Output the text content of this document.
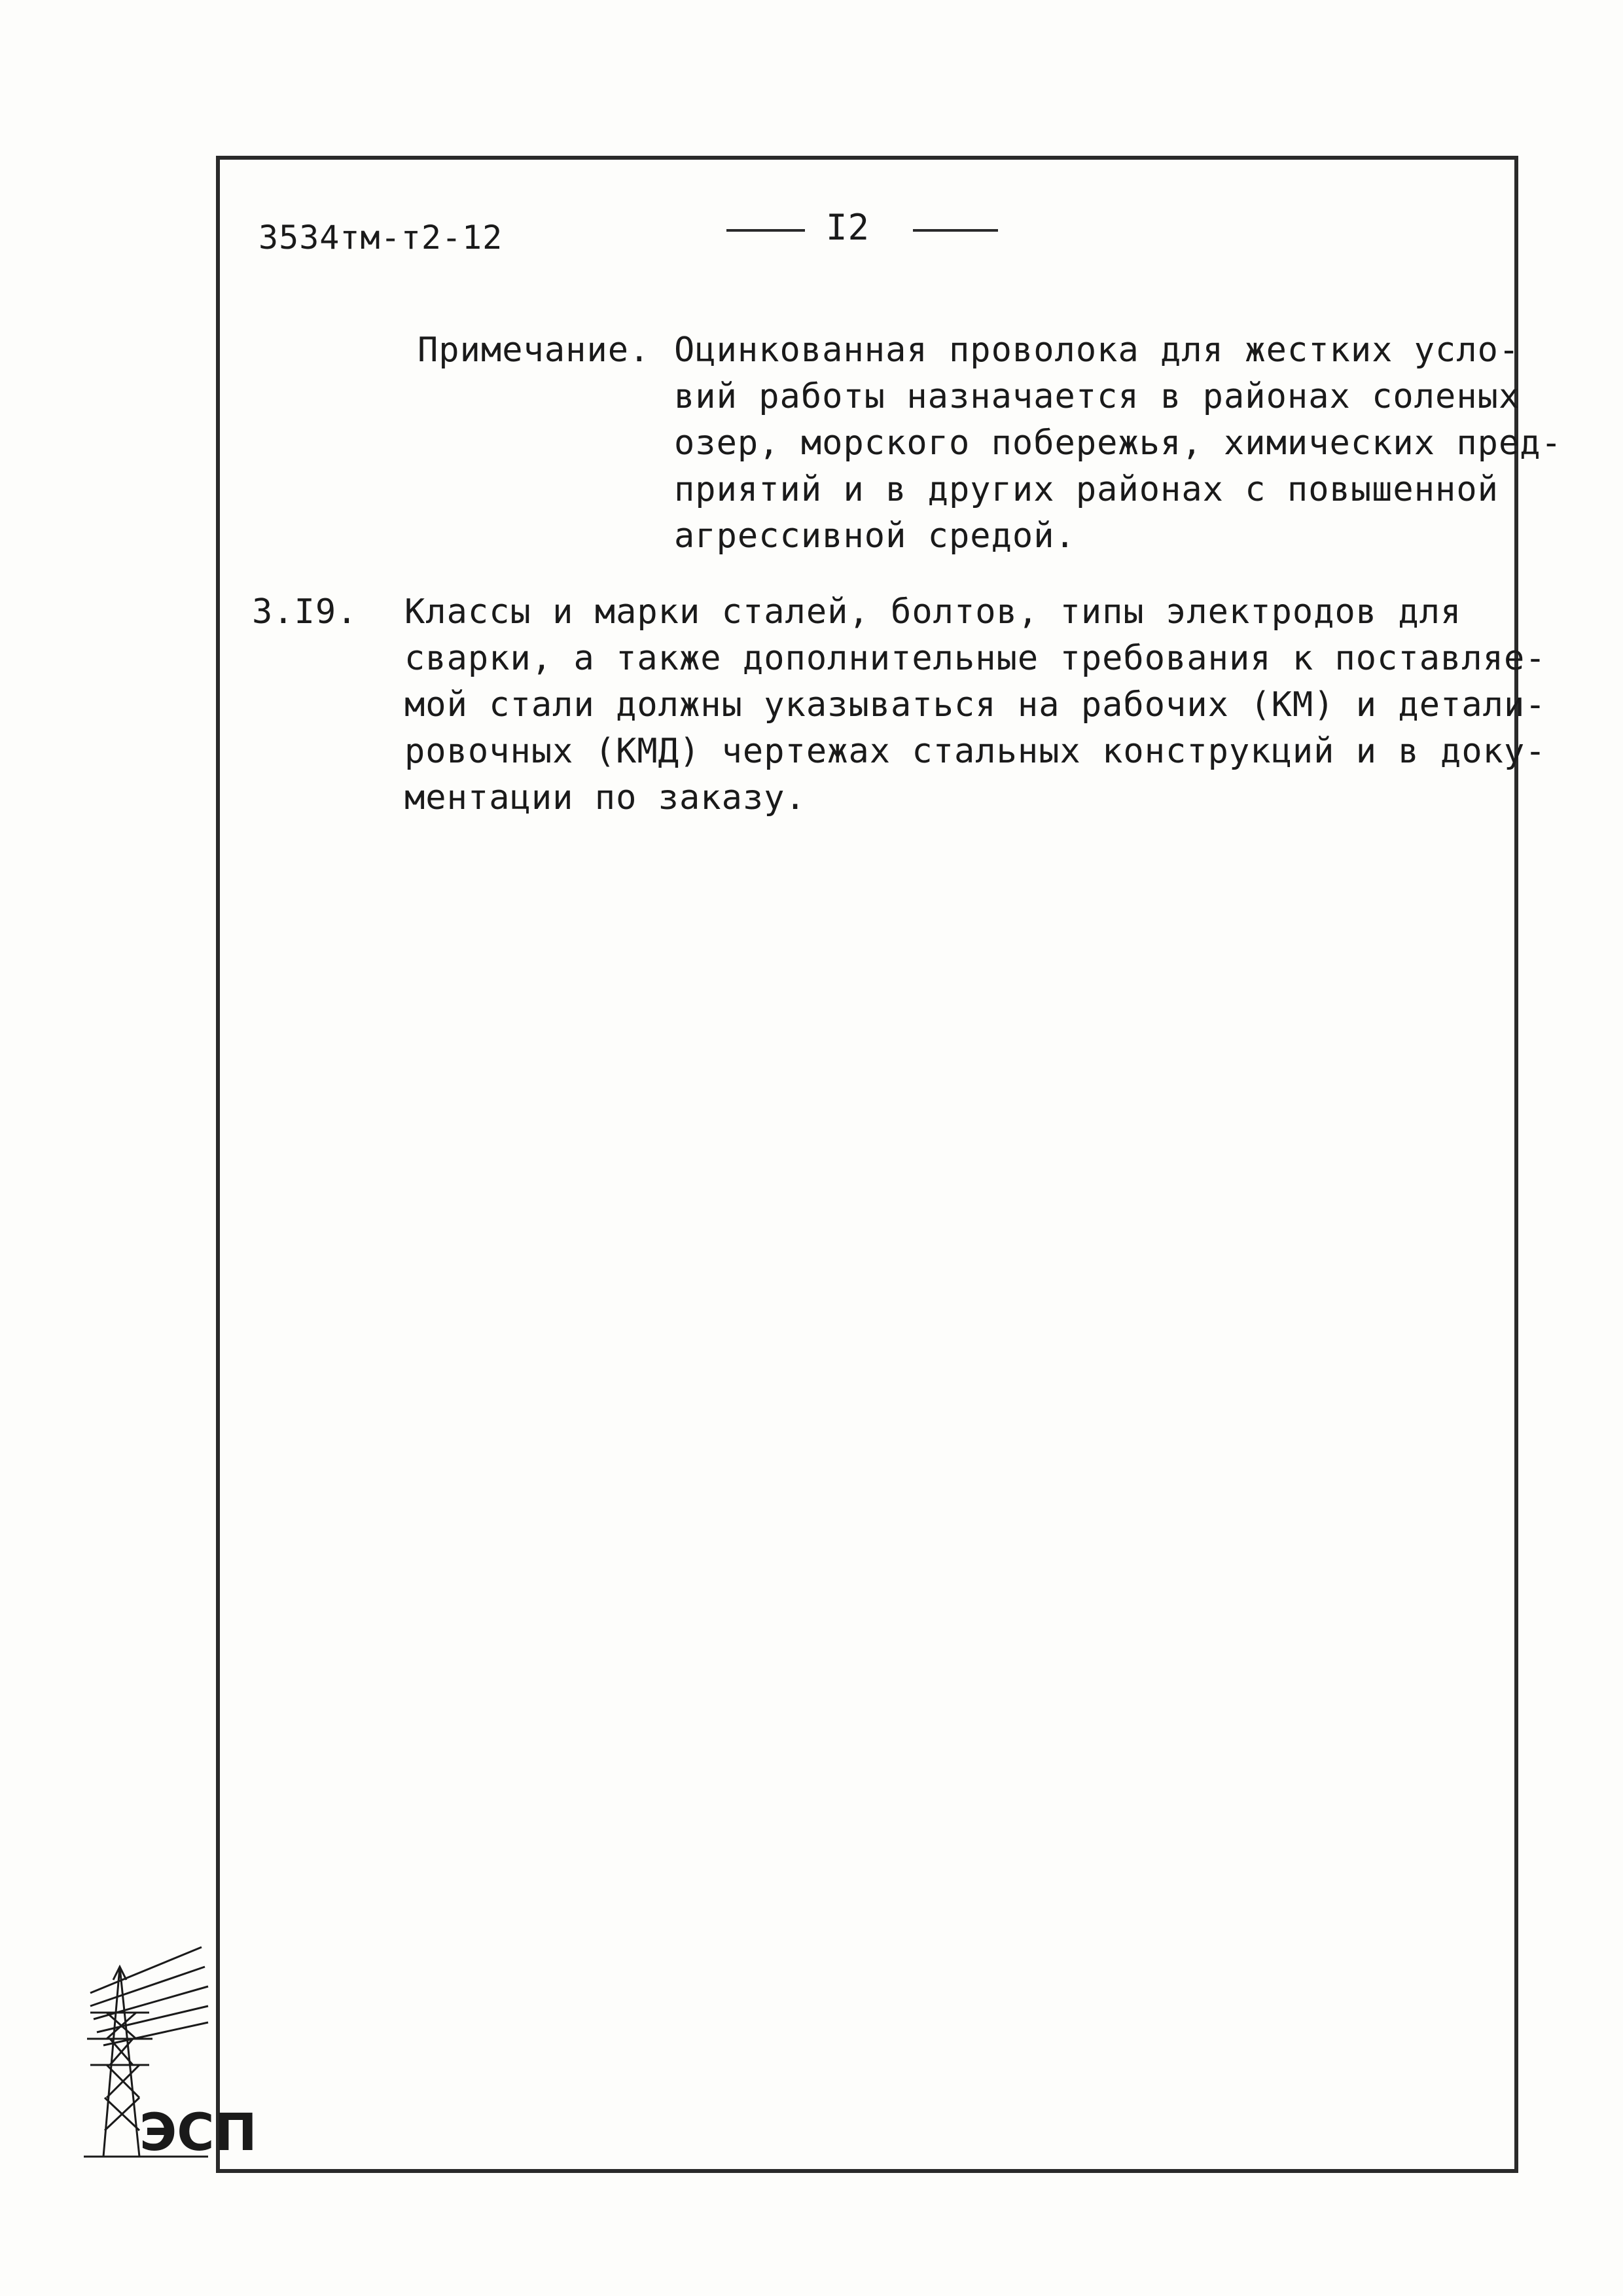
3534тм-т2-12	I2
Примечание. Оцинкованная проволока для жестких усло-
вий работы назначается в районах соленых
озер, морского побережья, химических пред-
приятий и в других районах с повышенной
агрессивной средой.
3.I9. Классы и марки сталей, болтов, типы электродов для
сварки, а также дополнительные требования к поставляе-
мой стали должны указываться на рабочих (КМ) и детали-
ровочных (КМД) чертежах стальных конструкций и в доку-
ментации по заказу.
ЭСП
